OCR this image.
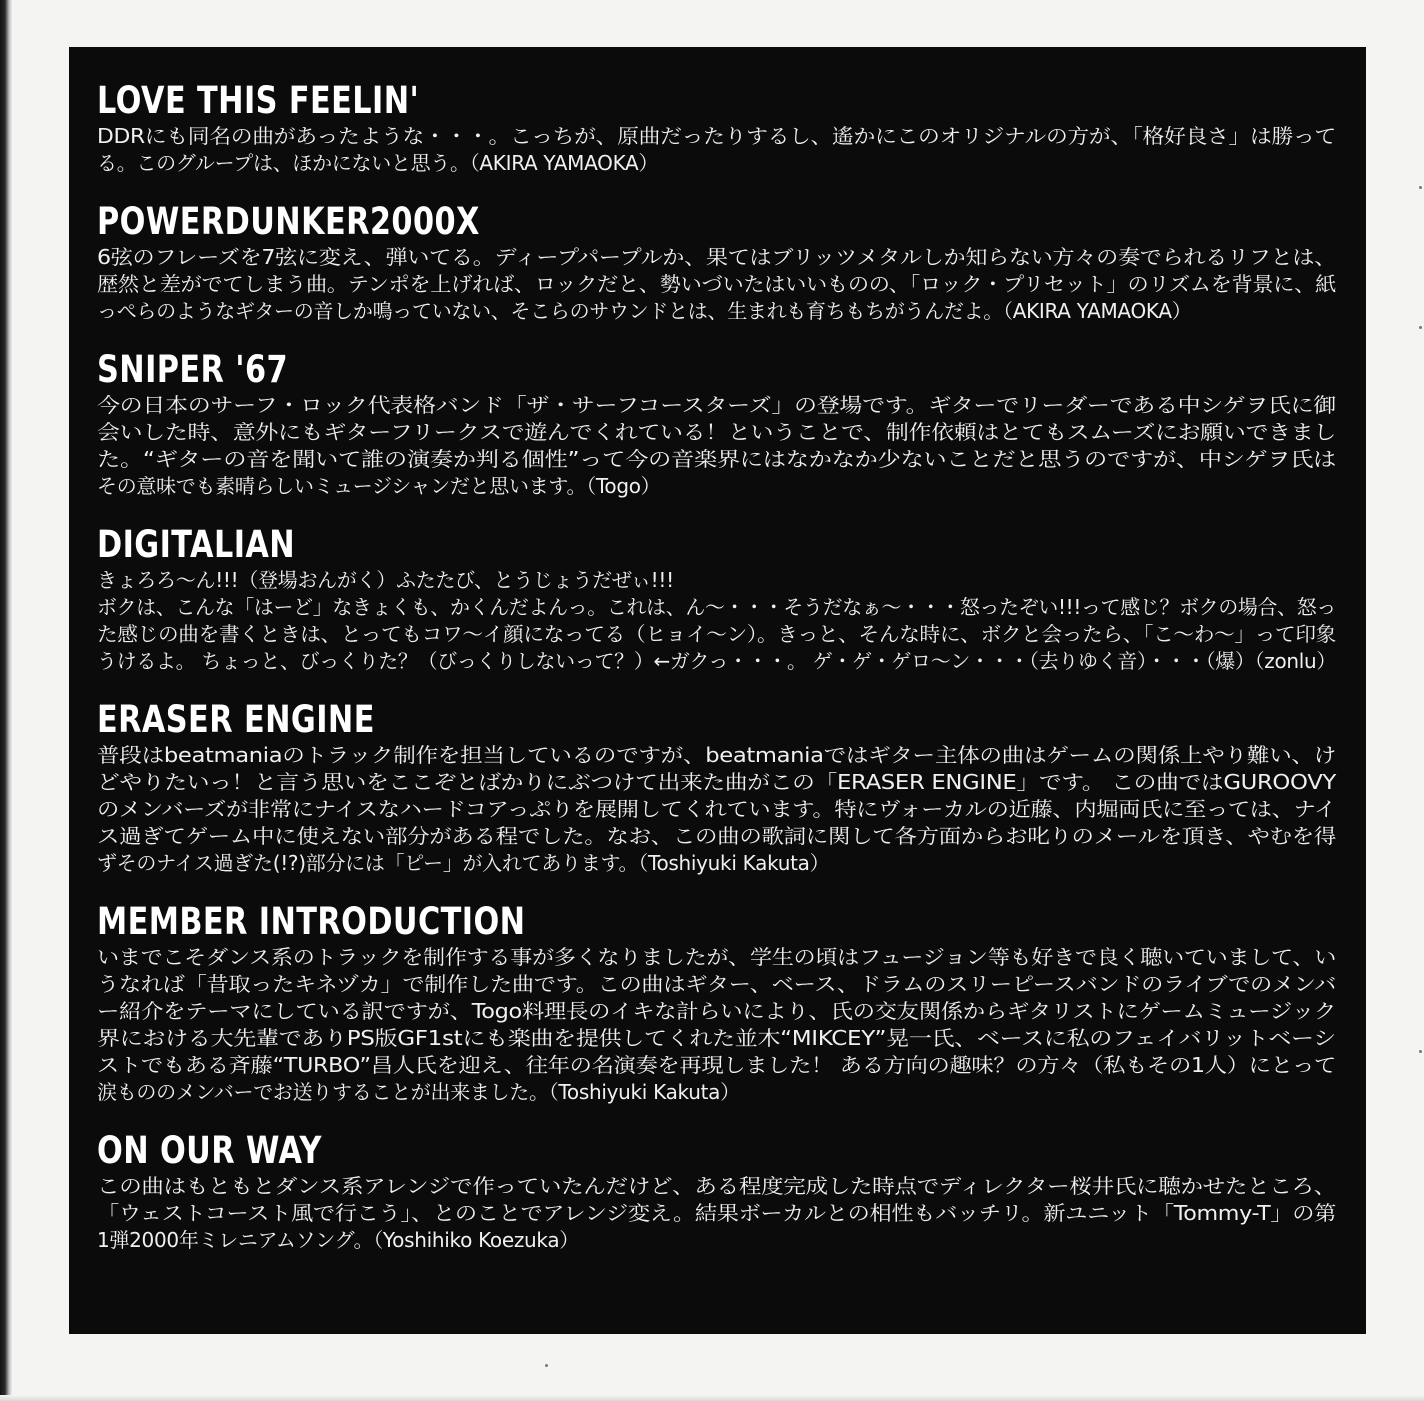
LOVE THIS FEELIN'
DDRにも同名の曲があったような・・・。こっちが、原曲だったりするし、遙かにこのオリジナルの方が、「格好良さ」は勝って
る。このグループは、ほかにないと思う。（AKIRA YAMAOKA）
POWERDUNKER2000X
6弦のフレーズを7弦に変え、弾いてる。ディープパープルか、果てはブリッツメタルしか知らない方々の奏でられるリフとは、
歴然と差がでてしまう曲。テンポを上げれば、ロックだと、勢いづいたはいいものの、「ロック・プリセット」のリズムを背景に、紙
っぺらのようなギターの音しか鳴っていない、そこらのサウンドとは、生まれも育ちもちがうんだよ。（AKIRA YAMAOKA）
SNIPER '67
今の日本のサーフ・ロック代表格バンド「ザ・サーフコースターズ」の登場です。ギターでリーダーである中シゲヲ氏に御
会いした時、意外にもギターフリークスで遊んでくれている！ということで、制作依頼はとてもスムーズにお願いできまし
た。“ギターの音を聞いて誰の演奏か判る個性”って今の音楽界にはなかなか少ないことだと思うのですが、中シゲヲ氏は
その意味でも素晴らしいミュージシャンだと思います。（Togo）
DIGITALIAN
きょろろ〜ん!!!（登場おんがく）ふたたび、とうじょうだぜぃ!!!
ボクは、こんな「はーど」なきょくも、かくんだよんっ。これは、ん〜・・・そうだなぁ〜・・・怒ったぞい!!!って感じ？ボクの場合、怒っ
た感じの曲を書くときは、とってもコワ〜イ顔になってる（ヒョイ〜ン）。きっと、そんな時に、ボクと会ったら、「こ〜わ〜」って印象
うけるよ。 ちょっと、びっくりた？（びっくりしないって？）←ガクっ・・・。 ゲ・ゲ・ゲロ〜ン・・・（去りゆく音）・・・（爆）（zonlu）
ERASER ENGINE
普段はbeatmaniaのトラック制作を担当しているのですが、beatmaniaではギター主体の曲はゲームの関係上やり難い、け
どやりたいっ！と言う思いをここぞとばかりにぶつけて出来た曲がこの「ERASER ENGINE」です。 この曲ではGUROOVY
のメンバーズが非常にナイスなハードコアっぷりを展開してくれています。特にヴォーカルの近藤、内堀両氏に至っては、ナイ
ス過ぎてゲーム中に使えない部分がある程でした。なお、この曲の歌詞に関して各方面からお叱りのメールを頂き、やむを得
ずそのナイス過ぎた(!?)部分には「ピー」が入れてあります。（Toshiyuki Kakuta）
MEMBER INTRODUCTION
いまでこそダンス系のトラックを制作する事が多くなりましたが、学生の頃はフュージョン等も好きで良く聴いていまして、い
うなれば「昔取ったキネヅカ」で制作した曲です。この曲はギター、ベース、ドラムのスリーピースバンドのライブでのメンバ
ー紹介をテーマにしている訳ですが、Togo料理長のイキな計らいにより、氏の交友関係からギタリストにゲームミュージック
界における大先輩でありPS版GF1stにも楽曲を提供してくれた並木“MIKCEY”晃一氏、ベースに私のフェイバリットベーシ
ストでもある斉藤“TURBO”昌人氏を迎え、往年の名演奏を再現しました！ ある方向の趣味？の方々（私もその1人）にとって
涙もののメンバーでお送りすることが出来ました。（Toshiyuki Kakuta）
ON OUR WAY
この曲はもともとダンス系アレンジで作っていたんだけど、ある程度完成した時点でディレクター桜井氏に聴かせたところ、
「ウェストコースト風で行こう」、とのことでアレンジ変え。結果ボーカルとの相性もバッチリ。新ユニット「Tommy-T」の第
1弾2000年ミレニアムソング。（Yoshihiko Koezuka）
